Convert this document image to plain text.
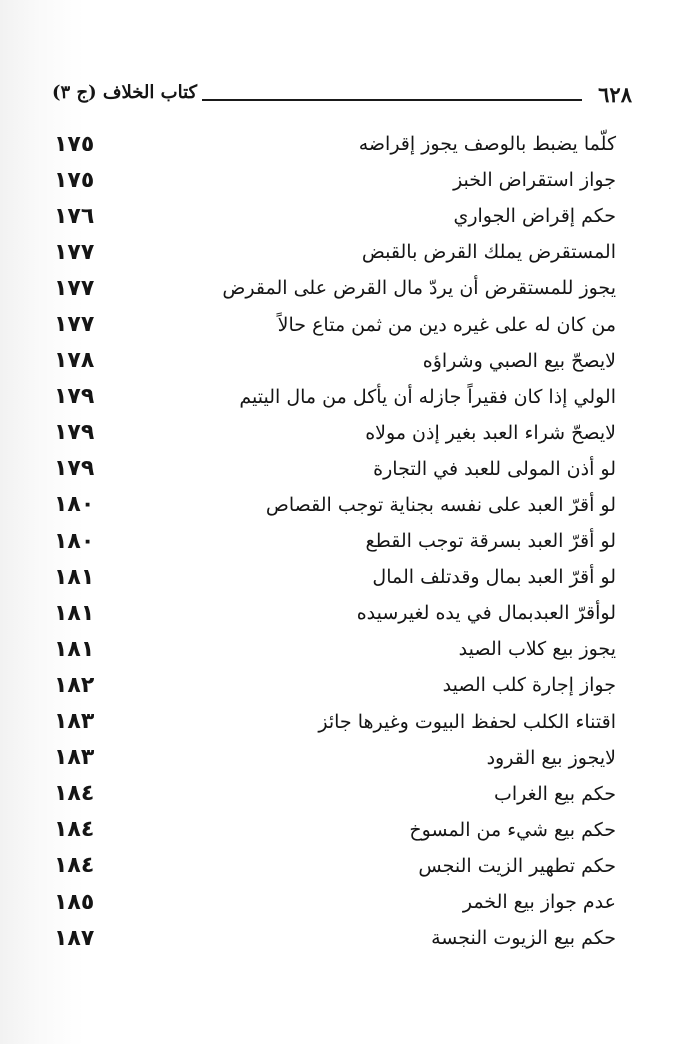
٦٢٨
كتاب الخلاف (ج ٣)
كلّما يضبط بالوصف يجوز إقراضه
١٧٥
جواز استقراض الخبز
١٧٥
حكم إقراض الجواري
١٧٦
المستقرض يملك القرض بالقبض
١٧٧
يجوز للمستقرض أن يردّ مال القرض على المقرض
١٧٧
من كان له على غيره دين من ثمن متاع حالاً
١٧٧
لايصحّ بيع الصبي وشراؤه
١٧٨
الولي إذا كان فقيراً جازله أن يأكل من مال اليتيم
١٧٩
لايصحّ شراء العبد بغير إذن مولاه
١٧٩
لو أذن المولى للعبد في التجارة
١٧٩
لو أقرّ العبد على نفسه بجناية توجب القصاص
١٨٠
لو أقرّ العبد بسرقة توجب القطع
١٨٠
لو أقرّ العبد بمال وقدتلف المال
١٨١
لوأقرّ العبدبمال في يده لغيرسيده
١٨١
يجوز بيع كلاب الصيد
١٨١
جواز إجارة كلب الصيد
١٨٢
اقتناء الكلب لحفظ البيوت وغيرها جائز
١٨٣
لايجوز بيع القرود
١٨٣
حكم بيع الغراب
١٨٤
حكم بيع شيء من المسوخ
١٨٤
حكم تطهير الزيت النجس
١٨٤
عدم جواز بيع الخمر
١٨٥
حكم بيع الزيوت النجسة
١٨٧
